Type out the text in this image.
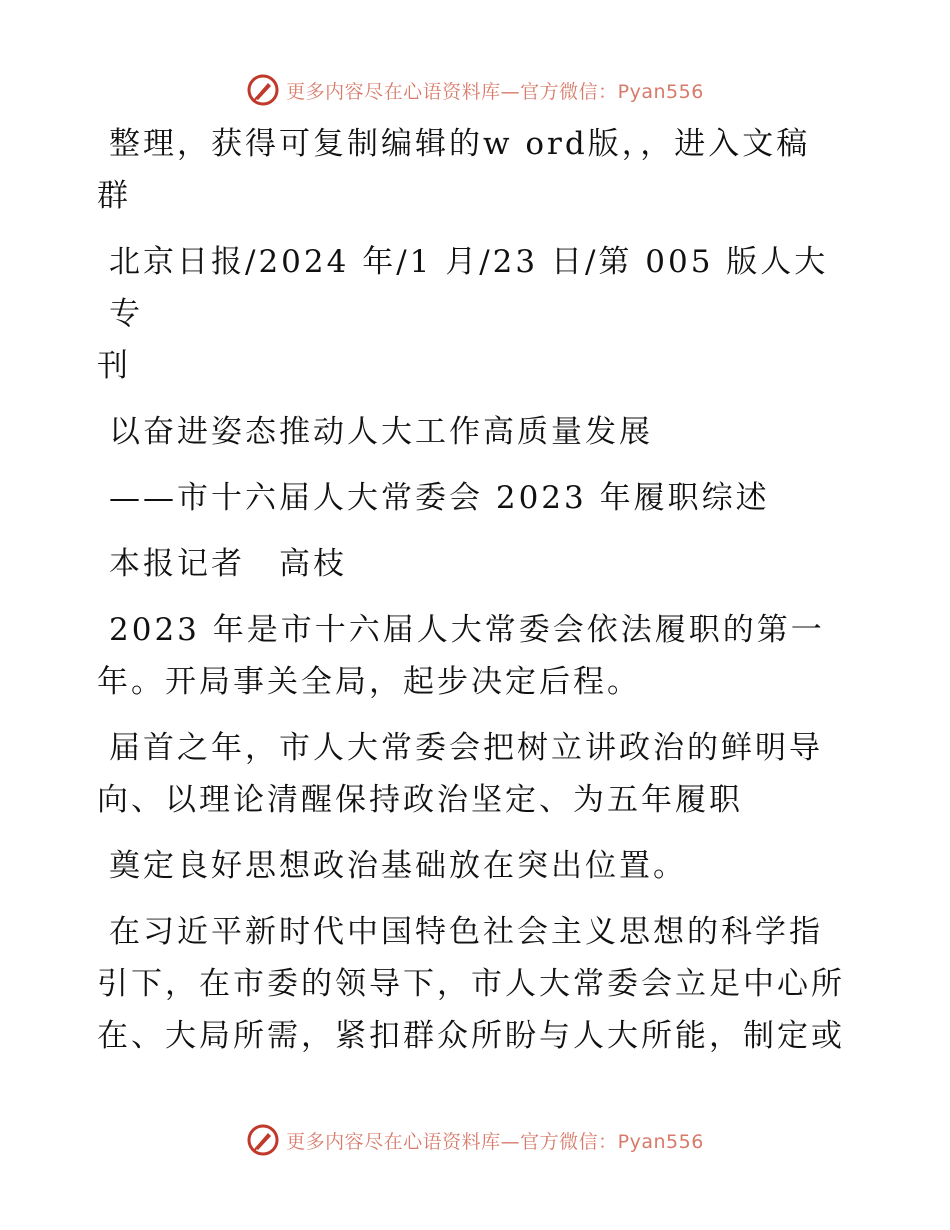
更多内容尽在心语资料库—官方微信：Pyan556

整理，获得可复制编辑的w ord版，，进入文稿
群

北京日报/2024 年/1 月/23 日/第 005 版人大专
刊

以奋进姿态推动人大工作高质量发展

——市十六届人大常委会 2023 年履职综述

本报记者　高枝

2023 年是市十六届人大常委会依法履职的第一
年。开局事关全局，起步决定后程。

届首之年，市人大常委会把树立讲政治的鲜明导
向、以理论清醒保持政治坚定、为五年履职

奠定良好思想政治基础放在突出位置。

在习近平新时代中国特色社会主义思想的科学指
引下，在市委的领导下，市人大常委会立足中心所
在、大局所需，紧扣群众所盼与人大所能，制定或

更多内容尽在心语资料库—官方微信：Pyan556
